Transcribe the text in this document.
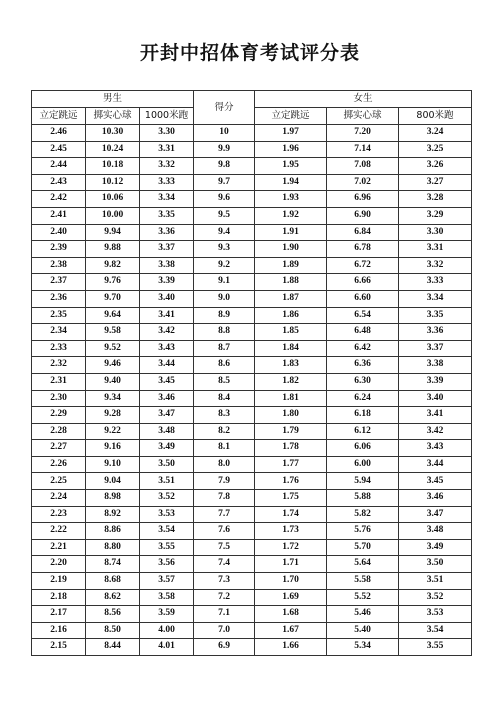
开封中招体育考试评分表
男生			得分	女生		
立定跳远	掷实心球	1000米跑		立定跳远	掷实心球	800米跑
2.46	10.30	3.30	10	1.97	7.20	3.24
2.45	10.24	3.31	9.9	1.96	7.14	3.25
2.44	10.18	3.32	9.8	1.95	7.08	3.26
2.43	10.12	3.33	9.7	1.94	7.02	3.27
2.42	10.06	3.34	9.6	1.93	6.96	3.28
2.41	10.00	3.35	9.5	1.92	6.90	3.29
2.40	9.94	3.36	9.4	1.91	6.84	3.30
2.39	9.88	3.37	9.3	1.90	6.78	3.31
2.38	9.82	3.38	9.2	1.89	6.72	3.32
2.37	9.76	3.39	9.1	1.88	6.66	3.33
2.36	9.70	3.40	9.0	1.87	6.60	3.34
2.35	9.64	3.41	8.9	1.86	6.54	3.35
2.34	9.58	3.42	8.8	1.85	6.48	3.36
2.33	9.52	3.43	8.7	1.84	6.42	3.37
2.32	9.46	3.44	8.6	1.83	6.36	3.38
2.31	9.40	3.45	8.5	1.82	6.30	3.39
2.30	9.34	3.46	8.4	1.81	6.24	3.40
2.29	9.28	3.47	8.3	1.80	6.18	3.41
2.28	9.22	3.48	8.2	1.79	6.12	3.42
2.27	9.16	3.49	8.1	1.78	6.06	3.43
2.26	9.10	3.50	8.0	1.77	6.00	3.44
2.25	9.04	3.51	7.9	1.76	5.94	3.45
2.24	8.98	3.52	7.8	1.75	5.88	3.46
2.23	8.92	3.53	7.7	1.74	5.82	3.47
2.22	8.86	3.54	7.6	1.73	5.76	3.48
2.21	8.80	3.55	7.5	1.72	5.70	3.49
2.20	8.74	3.56	7.4	1.71	5.64	3.50
2.19	8.68	3.57	7.3	1.70	5.58	3.51
2.18	8.62	3.58	7.2	1.69	5.52	3.52
2.17	8.56	3.59	7.1	1.68	5.46	3.53
2.16	8.50	4.00	7.0	1.67	5.40	3.54
2.15	8.44	4.01	6.9	1.66	5.34	3.55
